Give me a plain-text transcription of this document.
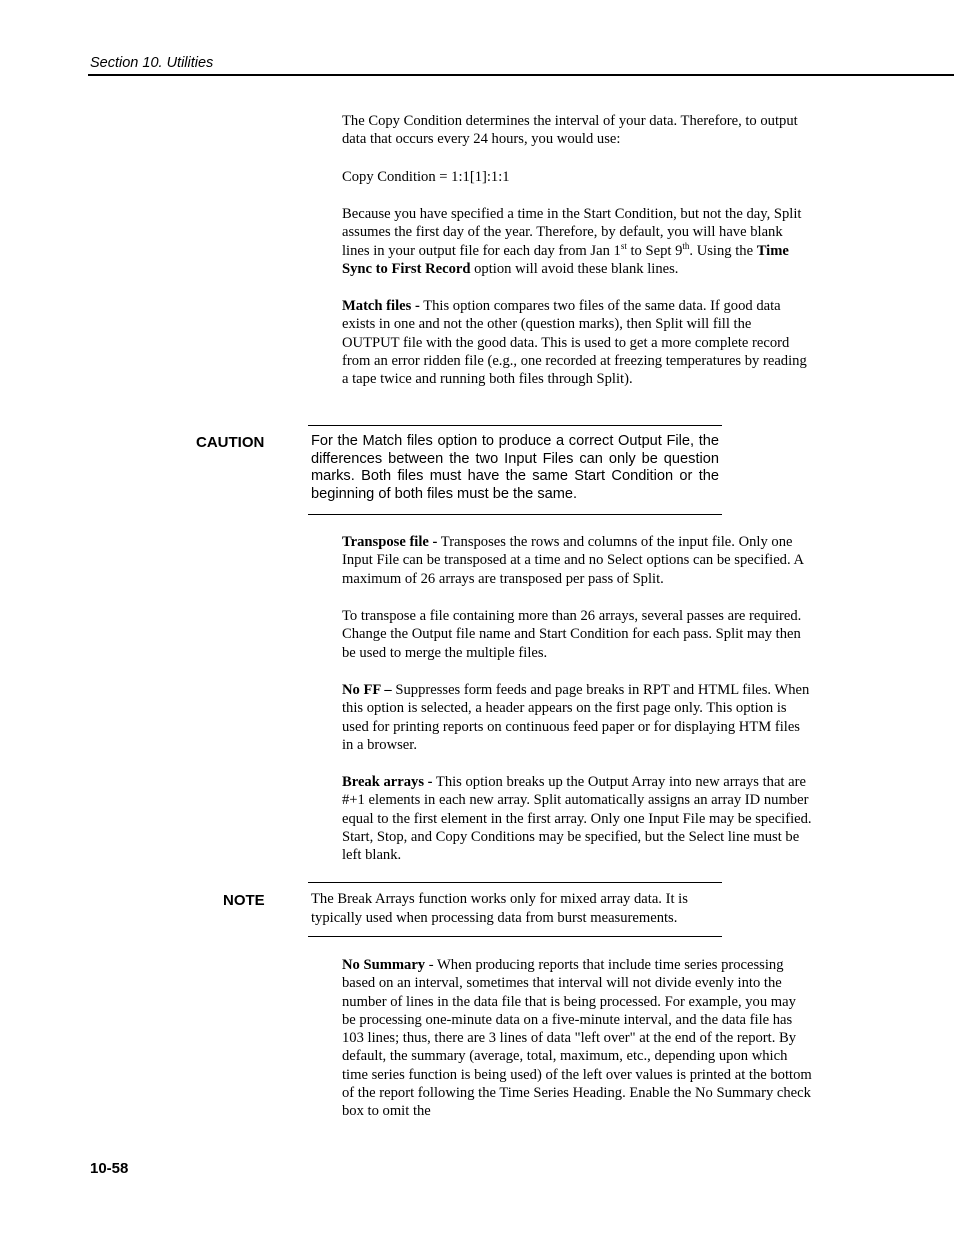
Section 10. Utilities
The Copy Condition determines the interval of your data. Therefore, to output data that occurs every 24 hours, you would use:
Copy Condition = 1:1[1]:1:1
Because you have specified a time in the Start Condition, but not the day, Split assumes the first day of the year. Therefore, by default, you will have blank lines in your output file for each day from Jan 1st to Sept 9th. Using the Time Sync to First Record option will avoid these blank lines.
Match files - This option compares two files of the same data. If good data exists in one and not the other (question marks), then Split will fill the OUTPUT file with the good data. This is used to get a more complete record from an error ridden file (e.g., one recorded at freezing temperatures by reading a tape twice and running both files through Split).
CAUTION	For the Match files option to produce a correct Output File, the differences between the two Input Files can only be question marks. Both files must have the same Start Condition or the beginning of both files must be the same.
Transpose file - Transposes the rows and columns of the input file. Only one Input File can be transposed at a time and no Select options can be specified. A maximum of 26 arrays are transposed per pass of Split.
To transpose a file containing more than 26 arrays, several passes are required. Change the Output file name and Start Condition for each pass. Split may then be used to merge the multiple files.
No FF – Suppresses form feeds and page breaks in RPT and HTML files. When this option is selected, a header appears on the first page only. This option is used for printing reports on continuous feed paper or for displaying HTM files in a browser.
Break arrays - This option breaks up the Output Array into new arrays that are #+1 elements in each new array. Split automatically assigns an array ID number equal to the first element in the first array. Only one Input File may be specified. Start, Stop, and Copy Conditions may be specified, but the Select line must be left blank.
NOTE	The Break Arrays function works only for mixed array data. It is typically used when processing data from burst measurements.
No Summary - When producing reports that include time series processing based on an interval, sometimes that interval will not divide evenly into the number of lines in the data file that is being processed. For example, you may be processing one-minute data on a five-minute interval, and the data file has 103 lines; thus, there are 3 lines of data "left over" at the end of the report. By default, the summary (average, total, maximum, etc., depending upon which time series function is being used) of the left over values is printed at the bottom of the report following the Time Series Heading. Enable the No Summary check box to omit the
10-58
